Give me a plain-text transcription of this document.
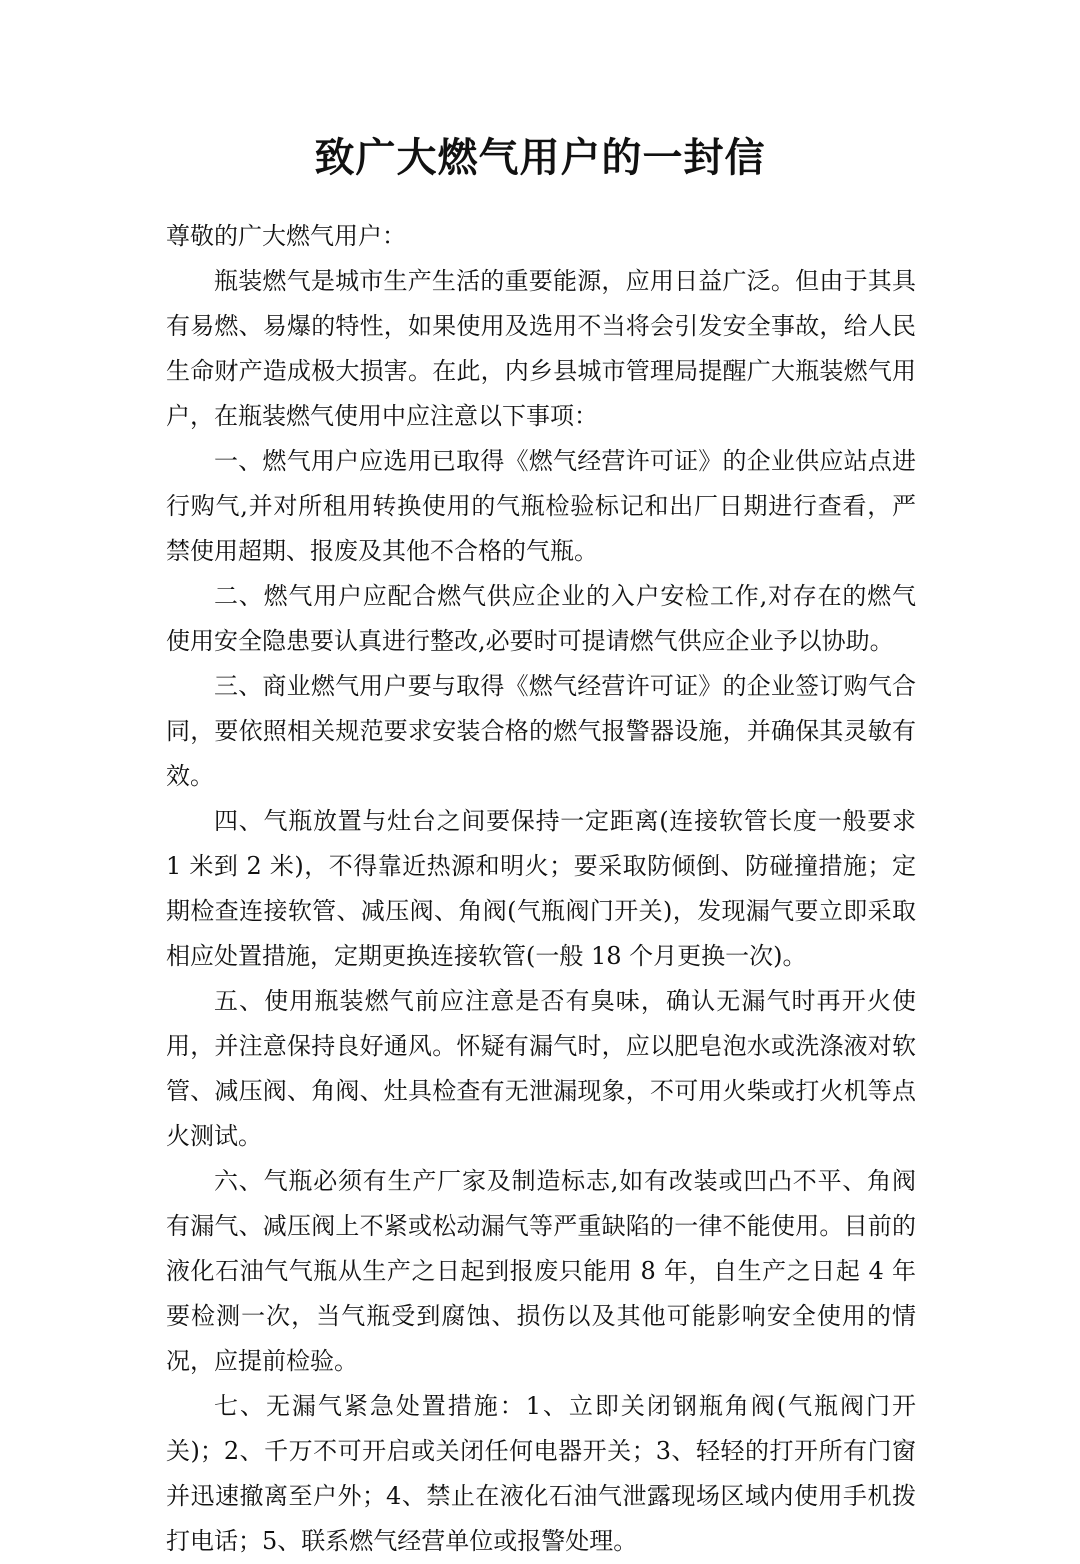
致广大燃气用户的一封信

尊敬的广大燃气用户：

瓶装燃气是城市生产生活的重要能源，应用日益广泛。但由于其具有易燃、易爆的特性，如果使用及选用不当将会引发安全事故，给人民生命财产造成极大损害。在此，内乡县城市管理局提醒广大瓶装燃气用户，在瓶装燃气使用中应注意以下事项：

一、燃气用户应选用已取得《燃气经营许可证》的企业供应站点进行购气,并对所租用转换使用的气瓶检验标记和出厂日期进行查看，严禁使用超期、报废及其他不合格的气瓶。

二、燃气用户应配合燃气供应企业的入户安检工作,对存在的燃气使用安全隐患要认真进行整改,必要时可提请燃气供应企业予以协助。

三、商业燃气用户要与取得《燃气经营许可证》的企业签订购气合同，要依照相关规范要求安装合格的燃气报警器设施，并确保其灵敏有效。

四、气瓶放置与灶台之间要保持一定距离(连接软管长度一般要求 1 米到 2 米)，不得靠近热源和明火；要采取防倾倒、防碰撞措施；定期检查连接软管、减压阀、角阀(气瓶阀门开关)，发现漏气要立即采取相应处置措施，定期更换连接软管(一般 18 个月更换一次)。

五、使用瓶装燃气前应注意是否有臭味，确认无漏气时再开火使用，并注意保持良好通风。怀疑有漏气时，应以肥皂泡水或洗涤液对软管、减压阀、角阀、灶具检查有无泄漏现象，不可用火柴或打火机等点火测试。

六、气瓶必须有生产厂家及制造标志,如有改装或凹凸不平、角阀有漏气、减压阀上不紧或松动漏气等严重缺陷的一律不能使用。目前的液化石油气气瓶从生产之日起到报废只能用 8 年，自生产之日起 4 年要检测一次，当气瓶受到腐蚀、损伤以及其他可能影响安全使用的情况，应提前检验。

七、无漏气紧急处置措施：1、立即关闭钢瓶角阀(气瓶阀门开关)；2、千万不可开启或关闭任何电器开关；3、轻轻的打开所有门窗并迅速撤离至户外；4、禁止在液化石油气泄露现场区域内使用手机拨打电话；5、联系燃气经营单位或报警处理。
